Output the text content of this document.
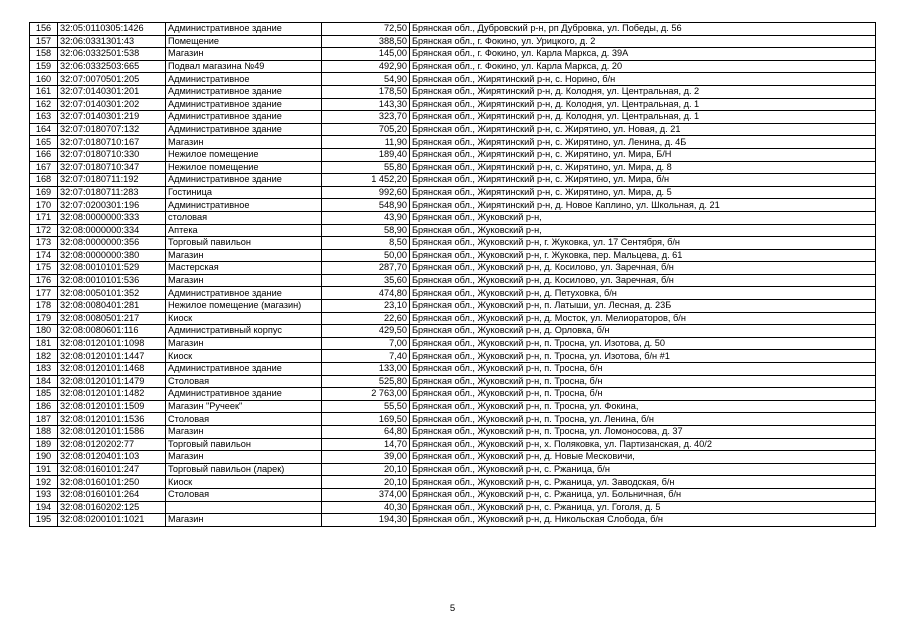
156	32:05:0110305:1426	Административное здание	72,50	Брянская обл., Дубровский р-н, рп Дубровка, ул. Победы, д. 56
157	32:06:0331301:43	Помещение	388,50	Брянская обл., г. Фокино, ул. Урицкого, д. 2
158	32:06:0332501:538	Магазин	145,00	Брянская обл., г. Фокино, ул. Карла Маркса, д. 39А
159	32:06:0332503:665	Подвал магазина №49	492,90	Брянская обл., г. Фокино, ул. Карла Маркса, д. 20
160	32:07:0070501:205	Административное	54,90	Брянская обл., Жирятинский р-н, с. Норино, б/н
161	32:07:0140301:201	Административное здание	178,50	Брянская обл., Жирятинский р-н, д. Колодня, ул. Центральная, д. 2
162	32:07:0140301:202	Административное здание	143,30	Брянская обл., Жирятинский р-н, д. Колодня, ул. Центральная, д. 1
163	32:07:0140301:219	Административное здание	323,70	Брянская обл., Жирятинский р-н, д. Колодня, ул. Центральная, д. 1
164	32:07:0180707:132	Административное здание	705,20	Брянская обл., Жирятинский р-н, с. Жирятино, ул. Новая, д. 21
165	32:07:0180710:167	Магазин	11,90	Брянская обл., Жирятинский р-н, с. Жирятино, ул. Ленина, д. 4Б
166	32:07:0180710:330	Нежилое помещение	189,40	Брянская обл., Жирятинский р-н, с. Жирятино, ул. Мира, Б/Н
167	32:07:0180710:347	Нежилое помещение	55,80	Брянская обл., Жирятинский р-н, с. Жирятино, ул. Мира, д. 8
168	32:07:0180711:192	Административное здание	1 452,20	Брянская обл., Жирятинский р-н, с. Жирятино, ул. Мира, б/н
169	32:07:0180711:283	Гостиница	992,60	Брянская обл., Жирятинский р-н, с. Жирятино, ул. Мира, д. 5
170	32:07:0200301:196	Административное	548,90	Брянская обл., Жирятинский р-н, д. Новое Каплино, ул. Школьная, д. 21
171	32:08:0000000:333	столовая	43,90	Брянская обл., Жуковский р-н,
172	32:08:0000000:334	Аптека	58,90	Брянская обл., Жуковский р-н,
173	32:08:0000000:356	Торговый павильон	8,50	Брянская обл., Жуковский р-н, г. Жуковка, ул. 17 Сентября, б/н
174	32:08:0000000:380	Магазин	50,00	Брянская обл., Жуковский р-н, г. Жуковка, пер. Мальцева, д. 61
175	32:08:0010101:529	Мастерская	287,70	Брянская обл., Жуковский р-н, д. Косилово, ул. Заречная, б/н
176	32:08:0010101:536	Магазин	35,60	Брянская обл., Жуковский р-н, д. Косилово, ул. Заречная, б/н
177	32:08:0050101:352	Административное здание	474,80	Брянская обл., Жуковский р-н, д. Петуховка, б/н
178	32:08:0080401:281	Нежилое помещение (магазин)	23,10	Брянская обл., Жуковский р-н, п. Латыши, ул. Лесная, д. 23Б
179	32:08:0080501:217	Киоск	22,60	Брянская обл., Жуковский р-н, д. Мосток, ул. Мелиораторов, б/н
180	32:08:0080601:116	Административный корпус	429,50	Брянская обл., Жуковский р-н, д. Орловка, б/н
181	32:08:0120101:1098	Магазин	7,00	Брянская обл., Жуковский р-н, п. Тросна, ул. Изотова, д. 50
182	32:08:0120101:1447	Киоск	7,40	Брянская обл., Жуковский р-н, п. Тросна, ул. Изотова, б/н #1
183	32:08:0120101:1468	Административное здание	133,00	Брянская обл., Жуковский р-н, п. Тросна, б/н
184	32:08:0120101:1479	Столовая	525,80	Брянская обл., Жуковский р-н, п. Тросна, б/н
185	32:08:0120101:1482	Административное здание	2 763,00	Брянская обл., Жуковский р-н, п. Тросна, б/н
186	32:08:0120101:1509	Магазин "Ручеек"	55,50	Брянская обл., Жуковский р-н, п. Тросна, ул. Фокина,
187	32:08:0120101:1536	Столовая	169,50	Брянская обл., Жуковский р-н, п. Тросна, ул. Ленина, б/н
188	32:08:0120101:1586	Магазин	64,80	Брянская обл., Жуковский р-н, п. Тросна, ул. Ломоносова, д. 37
189	32:08:0120202:77	Торговый павильон	14,70	Брянская обл., Жуковский р-н, х. Поляковка, ул. Партизанская, д. 40/2
190	32:08:0120401:103	Магазин	39,00	Брянская обл., Жуковский р-н, д. Новые Месковичи,
191	32:08:0160101:247	Торговый павильон (ларек)	20,10	Брянская обл., Жуковский р-н, с. Ржаница, б/н
192	32:08:0160101:250	Киоск	20,10	Брянская обл., Жуковский р-н, с. Ржаница, ул. Заводская, б/н
193	32:08:0160101:264	Столовая	374,00	Брянская обл., Жуковский р-н, с. Ржаница, ул. Больничная, б/н
194	32:08:0160202:125		40,30	Брянская обл., Жуковский р-н, с. Ржаница, ул. Гоголя, д. 5
195	32:08:0200101:1021	Магазин	194,30	Брянская обл., Жуковский р-н, д. Никольская Слобода, б/н
5
